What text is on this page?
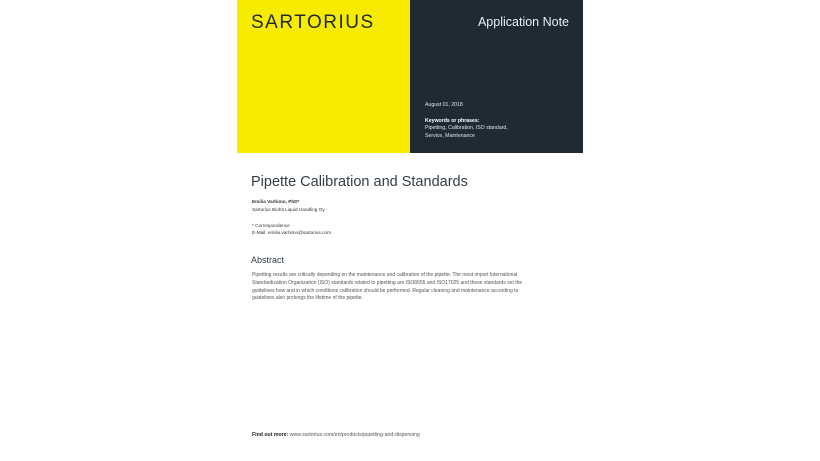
SARTORIUS	Application Note
August 01, 2018
Keywords or phrases:
Pipetting, Calibration, ISO standard,
Service, Maintenance
Pipette Calibration and Standards
Emilia Varhimo, PhD*
Sartorius Biohit Liquid Handling Oy
* Correspondence
E-Mail: emilia.varhimo@sartorius.com
Abstract
Pipetting results are critically depending on the maintenance and calibration of the pipette. The most import International
Standardization Organization (ISO) standards related to pipetting are ISO8655 and ISO17025 and these standards set the
guidelines how and in which conditions calibration should be performed. Regular cleaning and maintenance according to
guidelines also prolongs the lifetime of the pipette.
Find out more: www.sartorius.com/en/products/pipetting-and-dispensing
